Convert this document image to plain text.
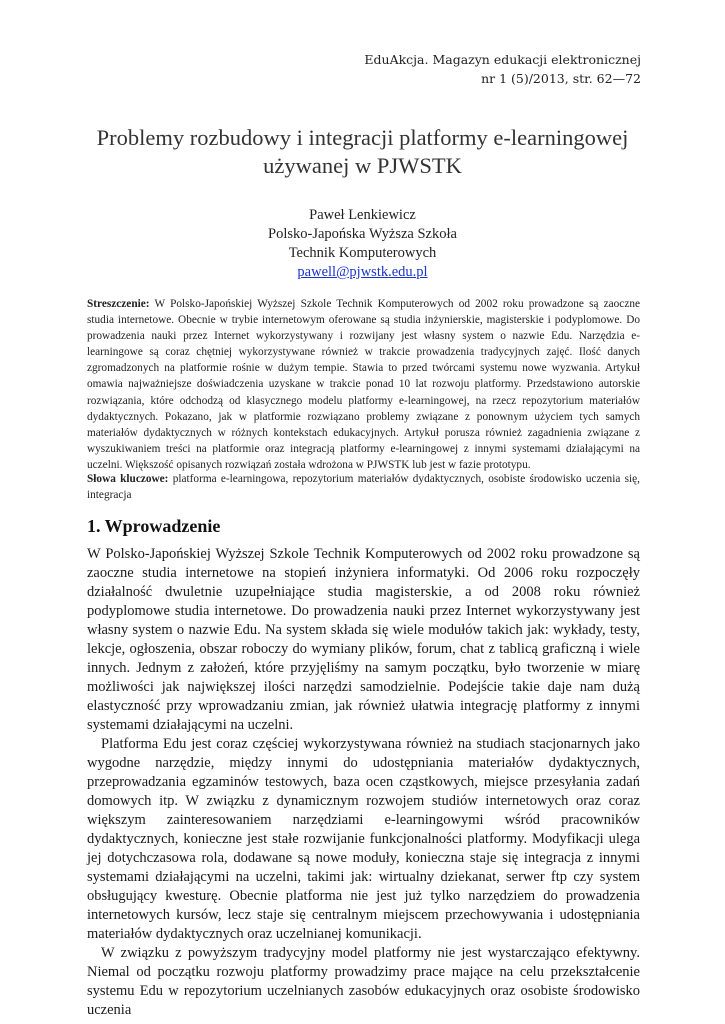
EduAkcja. Magazyn edukacji elektronicznej
nr 1 (5)/2013, str. 62—72
Problemy rozbudowy i integracji platformy e-learningowej używanej w PJWSTK
Paweł Lenkiewicz
Polsko-Japońska Wyższa Szkoła
Technik Komputerowych
pawell@pjwstk.edu.pl

Streszczenie: W Polsko-Japońskiej Wyższej Szkole Technik Komputerowych od 2002 roku prowadzone są zaoczne studia internetowe. Obecnie w trybie internetowym oferowane są studia inżynierskie, magisterskie i podyplomowe. Do prowadzenia nauki przez Internet wykorzystywany i rozwijany jest własny system o nazwie Edu. Narzędzia e-learningowe są coraz chętniej wykorzystywane również w trakcie prowadzenia tradycyjnych zajęć. Ilość danych zgromadzonych na platformie rośnie w dużym tempie. Stawia to przed twórcami systemu nowe wyzwania. Artykuł omawia najważniejsze doświadczenia uzyskane w trakcie ponad 10 lat rozwoju platformy. Przedstawiono autorskie rozwiązania, które odchodzą od klasycznego modelu platformy e-learningowej, na rzecz repozytorium materiałów dydaktycznych. Pokazano, jak w platformie rozwiązano problemy związane z ponownym użyciem tych samych materiałów dydaktycznych w różnych kontekstach edukacyjnych. Artykuł porusza również zagadnienia związane z wyszukiwaniem treści na platformie oraz integracją platformy e-learningowej z innymi systemami działającymi na uczelni. Większość opisanych rozwiązań została wdrożona w PJWSTK lub jest w fazie prototypu.

Słowa kluczowe: platforma e-learningowa, repozytorium materiałów dydaktycznych, osobiste środowisko uczenia się, integracja

1. Wprowadzenie

W Polsko-Japońskiej Wyższej Szkole Technik Komputerowych od 2002 roku prowadzone są zaoczne studia internetowe na stopień inżyniera informatyki. Od 2006 roku rozpoczęły działalność dwuletnie uzupełniające studia magisterskie, a od 2008 roku również podyplomowe studia internetowe. Do prowadzenia nauki przez Internet wykorzystywany jest własny system o nazwie Edu. Na system składa się wiele modułów takich jak: wykłady, testy, lekcje, ogłoszenia, obszar roboczy do wymiany plików, forum, chat z tablicą graficzną i wiele innych. Jednym z założeń, które przyjęliśmy na samym początku, było tworzenie w miarę możliwości jak największej ilości narzędzi samodzielnie. Podejście takie daje nam dużą elastyczność przy wprowadzaniu zmian, jak również ułatwia integrację platformy z innymi systemami działającymi na uczelni.

Platforma Edu jest coraz częściej wykorzystywana również na studiach stacjonarnych jako wygodne narzędzie, między innymi do udostępniania materiałów dydaktycznych, przeprowadzania egzaminów testowych, baza ocen cząstkowych, miejsce przesyłania zadań domowych itp. W związku z dynamicznym rozwojem studiów internetowych oraz coraz większym zainteresowaniem narzędziami e-learningowymi wśród pracowników dydaktycznych, konieczne jest stałe rozwijanie funkcjonalności platformy. Modyfikacji ulega jej dotychczasowa rola, dodawane są nowe moduły, konieczna staje się integracja z innymi systemami działającymi na uczelni, takimi jak: wirtualny dziekanat, serwer ftp czy system obsługujący kwesturę. Obecnie platforma nie jest już tylko narzędziem do prowadzenia internetowych kursów, lecz staje się centralnym miejscem przechowywania i udostępniania materiałów dydaktycznych oraz uczelnianej komunikacji.

W związku z powyższym tradycyjny model platformy nie jest wystarczająco efektywny. Niemal od początku rozwoju platformy prowadzimy prace mające na celu przekształcenie systemu Edu w repozytorium uczelnianych zasobów edukacyjnych oraz osobiste środowisko uczenia
